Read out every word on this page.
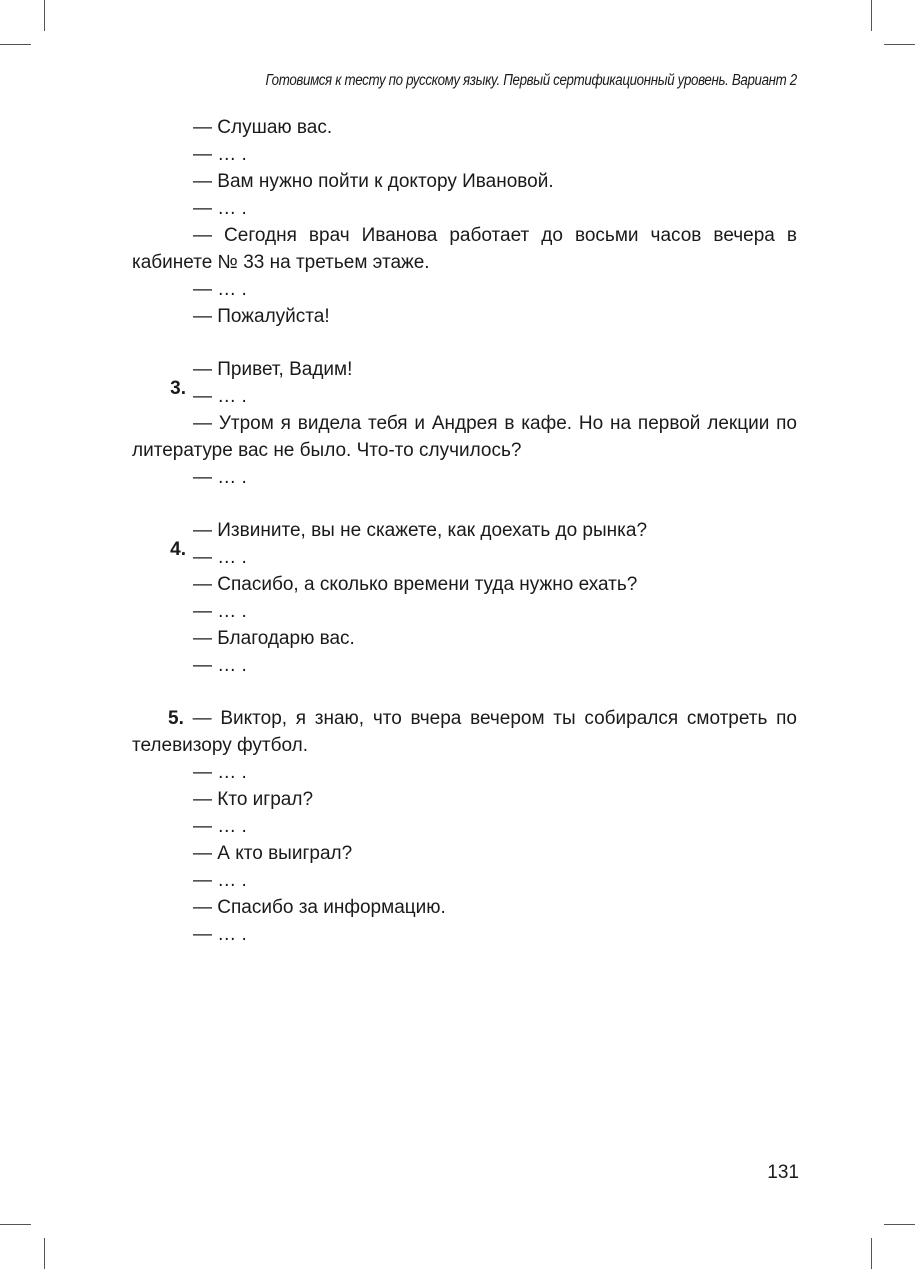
Готовимся к тесту по русскому языку. Первый сертификационный уровень. Вариант 2
— Слушаю вас.
— … .
— Вам нужно пойти к доктору Ивановой.
— … .
— Сегодня врач Иванова работает до восьми часов вечера в кабинете № 33 на третьем этаже.
— … .
— Пожалуйста!
3.
— Привет, Вадим!
— … .
— Утром я видела тебя и Андрея в кафе. Но на первой лекции по литературе вас не было. Что-то случилось?
— … .
4.
— Извините, вы не скажете, как доехать до рынка?
— … .
— Спасибо, а сколько времени туда нужно ехать?
— … .
— Благодарю вас.
— … .
5. — Виктор, я знаю, что вчера вечером ты собирался смотреть по телевизору футбол.
— … .
— Кто играл?
— … .
— А кто выиграл?
— … .
— Спасибо за информацию.
— … .
131
